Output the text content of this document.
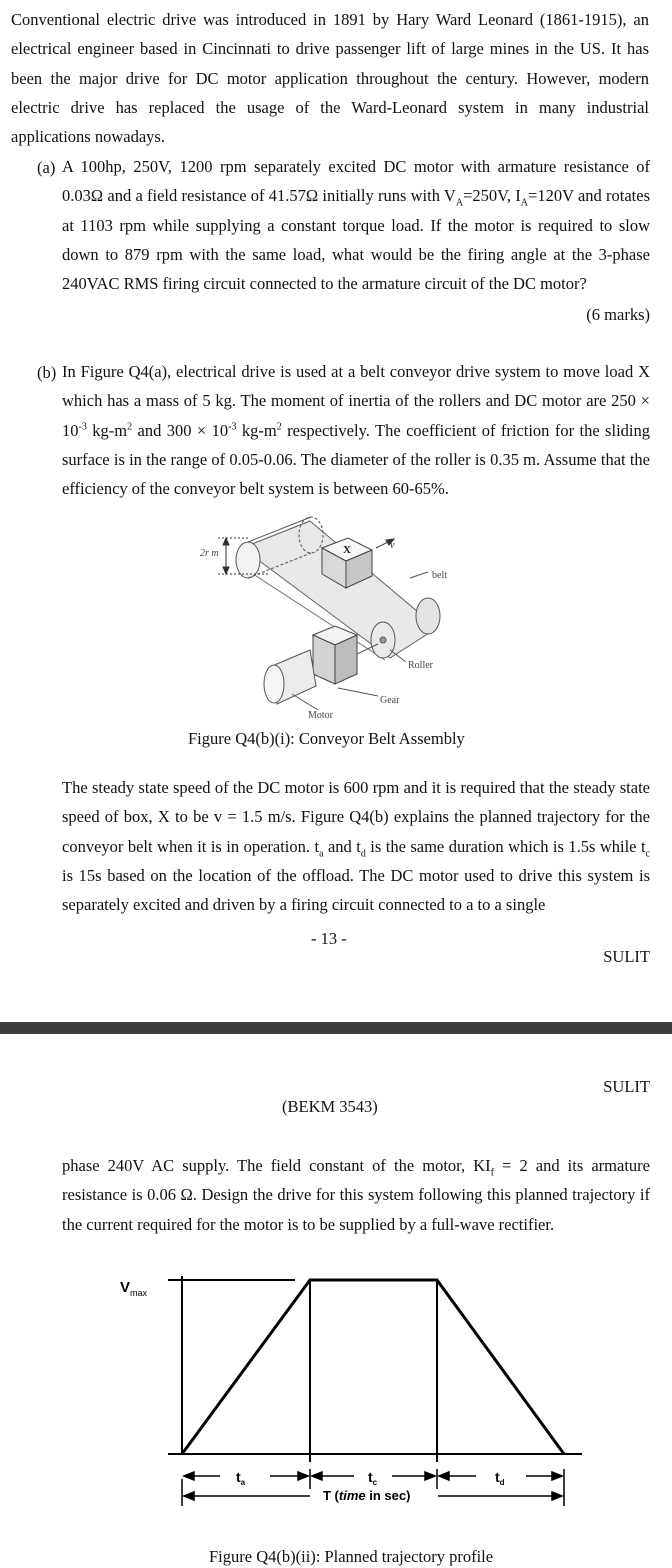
Conventional electric drive was introduced in 1891 by Hary Ward Leonard (1861-1915), an electrical engineer based in Cincinnati to drive passenger lift of large mines in the US. It has been the major drive for DC motor application throughout the century. However, modern electric drive has replaced the usage of the Ward-Leonard system in many industrial applications nowadays.

(a) A 100hp, 250V, 1200 rpm separately excited DC motor with armature resistance of 0.03Ω and a field resistance of 41.57Ω initially runs with $V_A=250V$, $I_A=120V$ and rotates at 1103 rpm while supplying a constant torque load. If the motor is required to slow down to 879 rpm with the same load, what would be the firing angle at the 3-phase 240VAC RMS firing circuit connected to the armature circuit of the DC motor?

(6 marks)
(b) In Figure Q4(a), electrical drive is used at a belt conveyor drive system to move load X which has a mass of 5 kg. The moment of inertia of the rollers and DC motor are $250 \times 10^{-3}$ $kg-m^2$ and $300 \times 10^{-3}$ $kg-m^2$ respectively. The coefficient of friction for the sliding surface is in the range of 0.05-0.06. The diameter of the roller is 0.35 m. Assume that the efficiency of the conveyor belt system is between 60-65%.

2r m	X	v
belt
Roller
Gear
Motor
Figure Q4(b)(i): Conveyor Belt Assembly

The steady state speed of the DC motor is 600 rpm and it is required that the steady state speed of box, X to be v = 1.5 m/s. Figure Q4(b) explains the planned trajectory for the conveyor belt when it is in operation. $t_a$ and $t_d$ is the same duration which is 1.5s while $t_c$ is 15s based on the location of the offload. The DC motor used to drive this system is separately excited and driven by a firing circuit connected to a to a single

- 13 -
SULIT
SULIT
(BEKM 3543)

phase 240V AC supply. The field constant of the motor, $KI_f = 2$ and its armature resistance is 0.06 Ω. Design the drive for this system following this planned trajectory if the current required for the motor is to be supplied by a full-wave rectifier.

$V_{max}$
$t_a$	$t_c$	$t_d$
T (time in sec)
Figure Q4(b)(ii): Planned trajectory profile
